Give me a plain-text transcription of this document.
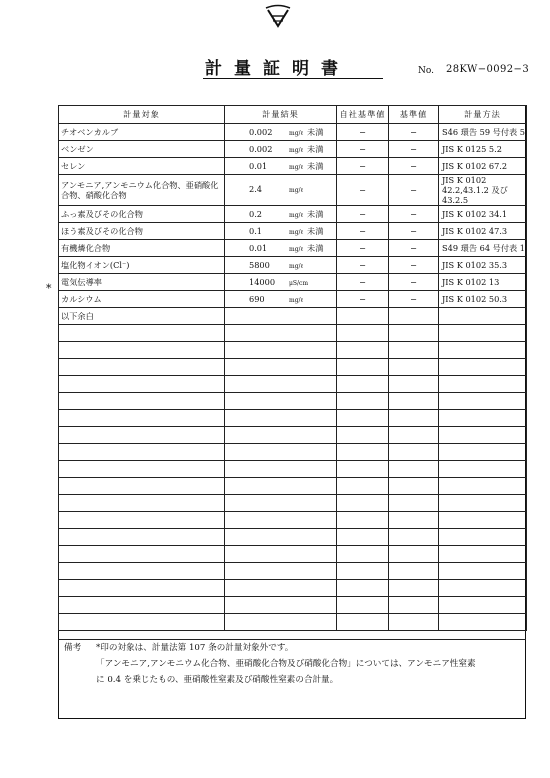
計量証明書	No. 28KW−0092−3
*
計量対象	計量結果	自社基準値	基準値	計量方法
チオベンカルブ	0.002 mg/ℓ 未満	−	−	S46 環告 59 号付表 5
ベンゼン	0.002 mg/ℓ 未満	−	−	JIS K 0125 5.2
セレン	0.01 mg/ℓ 未満	−	−	JIS K 0102 67.2
アンモニア,アンモニウム化合物、亜硝酸化合物、硝酸化合物	2.4 mg/ℓ	−	−	JIS K 0102 42.2,43.1.2 及び 43.2.5
ふっ素及びその化合物	0.2 mg/ℓ 未満	−	−	JIS K 0102 34.1
ほう素及びその化合物	0.1 mg/ℓ 未満	−	−	JIS K 0102 47.3
有機燐化合物	0.01 mg/ℓ 未満	−	−	S49 環告 64 号付表 1
塩化物イオン(Cl⁻)	5800 mg/ℓ	−	−	JIS K 0102 35.3
電気伝導率	14000 μS/cm	−	−	JIS K 0102 13
カルシウム	690 mg/ℓ	−	−	JIS K 0102 50.3
以下余白				

備考	*印の対象は、計量法第 107 条の計量対象外です。
「アンモニア,アンモニウム化合物、亜硝酸化合物及び硝酸化合物」については、アンモニア性窒素
に 0.4 を乗じたもの、亜硝酸性窒素及び硝酸性窒素の合計量。
